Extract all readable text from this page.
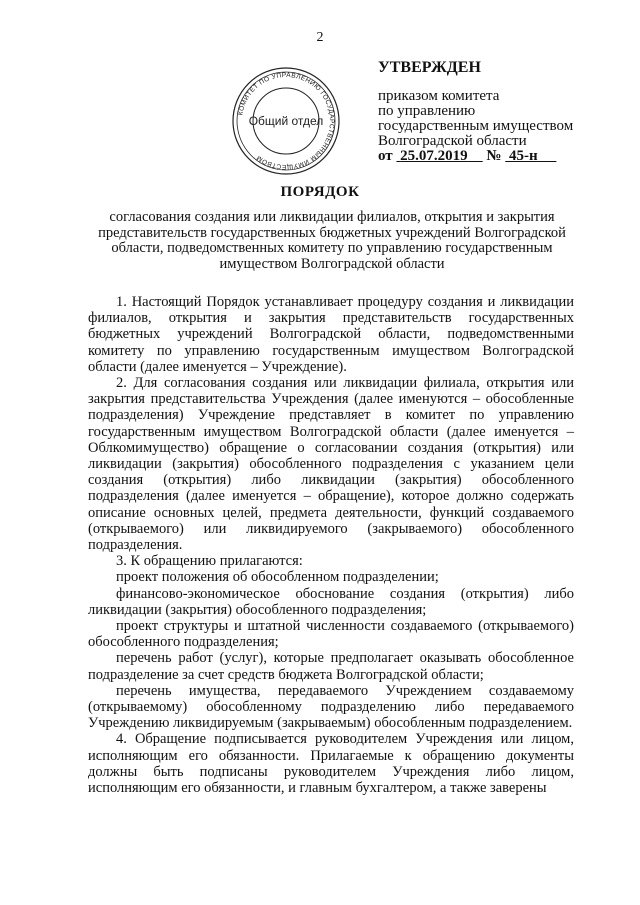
2
КОМИТЕТ ПО УПРАВЛЕНИЮ ГОСУДАРСТВЕННЫМ ИМУЩЕСТВОМ
Общий отдел
УТВЕРЖДЕН
приказом комитета
по управлению
государственным имуществом
Волгоградской области
от 25.07.2019 № 45-н
ПОРЯДОК
согласования создания или ликвидации филиалов, открытия и закрытия представительств государственных бюджетных учреждений Волгоградской области, подведомственных комитету по управлению государственным имуществом Волгоградской области

1. Настоящий Порядок устанавливает процедуру создания и ликвидации филиалов, открытия и закрытия представительств государственных бюджетных учреждений Волгоградской области, подведомственными комитету по управлению государственным имуществом Волгоградской области (далее именуется – Учреждение).

2. Для согласования создания или ликвидации филиала, открытия или закрытия представительства Учреждения (далее именуются – обособленные подразделения) Учреждение представляет в комитет по управлению государственным имуществом Волгоградской области (далее именуется – Облкомимущество) обращение о согласовании создания (открытия) или ликвидации (закрытия) обособленного подразделения с указанием цели создания (открытия) либо ликвидации (закрытия) обособленного подразделения (далее именуется – обращение), которое должно содержать описание основных целей, предмета деятельности, функций создаваемого (открываемого) или ликвидируемого (закрываемого) обособленного подразделения.

3. К обращению прилагаются:

проект положения об обособленном подразделении;

финансово-экономическое обоснование создания (открытия) либо ликвидации (закрытия) обособленного подразделения;

проект структуры и штатной численности создаваемого (открываемого) обособленного подразделения;

перечень работ (услуг), которые предполагает оказывать обособленное подразделение за счет средств бюджета Волгоградской области;

перечень имущества, передаваемого Учреждением создаваемому (открываемому) обособленному подразделению либо передаваемого Учреждению ликвидируемым (закрываемым) обособленным подразделением.

4. Обращение подписывается руководителем Учреждения или лицом, исполняющим его обязанности. Прилагаемые к обращению документы должны быть подписаны руководителем Учреждения либо лицом, исполняющим его обязанности, и главным бухгалтером, а также заверены
